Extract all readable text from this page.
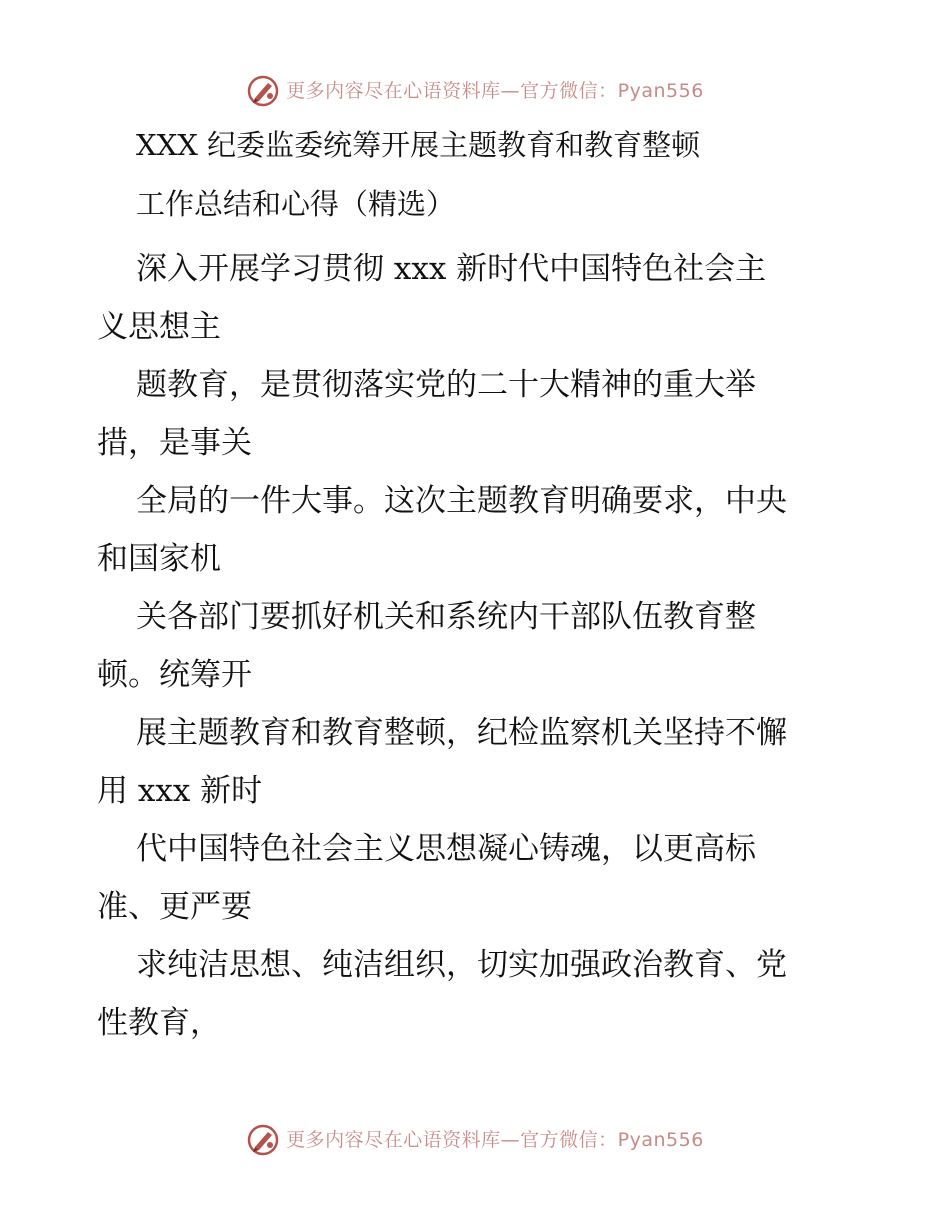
更多内容尽在心语资料库—官方微信：Pyan556
XXX 纪委监委统筹开展主题教育和教育整顿
工作总结和心得（精选）
深入开展学习贯彻 xxx 新时代中国特色社会主
义思想主
题教育，是贯彻落实党的二十大精神的重大举
措，是事关
全局的一件大事。这次主题教育明确要求，中央
和国家机
关各部门要抓好机关和系统内干部队伍教育整
顿。统筹开
展主题教育和教育整顿，纪检监察机关坚持不懈
用 xxx 新时
代中国特色社会主义思想凝心铸魂，以更高标
准、更严要
求纯洁思想、纯洁组织，切实加强政治教育、党
性教育，
更多内容尽在心语资料库—官方微信：Pyan556
